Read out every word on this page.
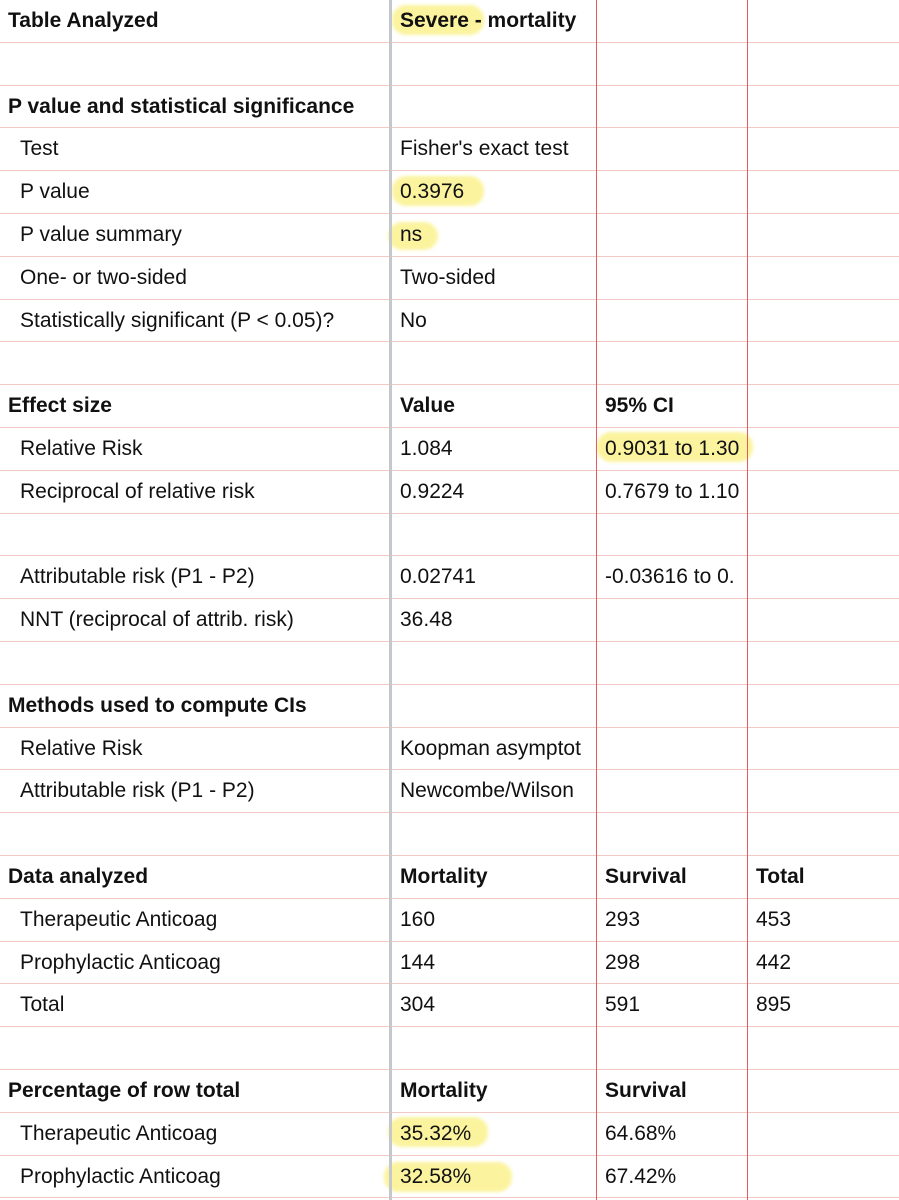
Table Analyzed	Severe - mortality
P value and statistical significance
Test	Fisher's exact test
P value	0.3976
P value summary	ns
One- or two-sided	Two-sided
Statistically significant (P < 0.05)?	No
Effect size	Value	95% CI
Relative Risk	1.084	0.9031 to 1.30
Reciprocal of relative risk	0.9224	0.7679 to 1.10
Attributable risk (P1 - P2)	0.02741	-0.03616 to 0.
NNT (reciprocal of attrib. risk)	36.48
Methods used to compute CIs
Relative Risk	Koopman asymptot
Attributable risk (P1 - P2)	Newcombe/Wilson
Data analyzed	Mortality	Survival	Total
Therapeutic Anticoag	160	293	453
Prophylactic Anticoag	144	298	442
Total	304	591	895
Percentage of row total	Mortality	Survival
Therapeutic Anticoag	35.32%	64.68%
Prophylactic Anticoag	32.58%	67.42%
